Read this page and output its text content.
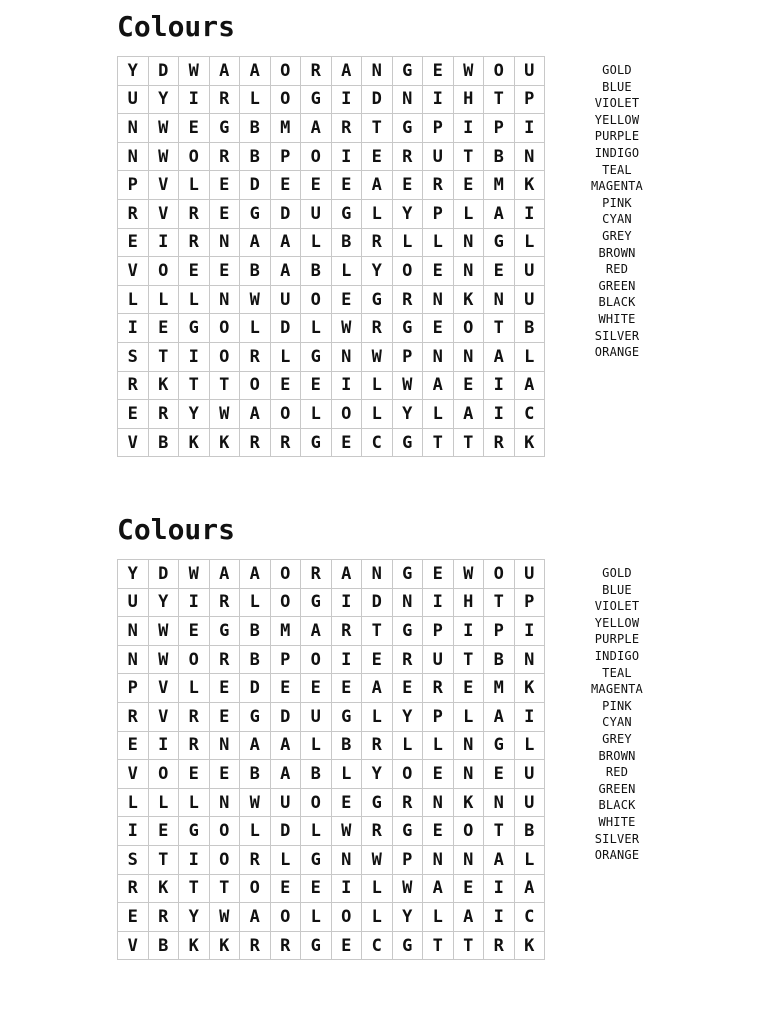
Colours
Y	D	W	A	A	O	R	A	N	G	E	W	O	U
U	Y	I	R	L	O	G	I	D	N	I	H	T	P
N	W	E	G	B	M	A	R	T	G	P	I	P	I
N	W	O	R	B	P	O	I	E	R	U	T	B	N
P	V	L	E	D	E	E	E	A	E	R	E	M	K
R	V	R	E	G	D	U	G	L	Y	P	L	A	I
E	I	R	N	A	A	L	B	R	L	L	N	G	L
V	O	E	E	B	A	B	L	Y	O	E	N	E	U
L	L	L	N	W	U	O	E	G	R	N	K	N	U
I	E	G	O	L	D	L	W	R	G	E	O	T	B
S	T	I	O	R	L	G	N	W	P	N	N	A	L
R	K	T	T	O	E	E	I	L	W	A	E	I	A
E	R	Y	W	A	O	L	O	L	Y	L	A	I	C
V	B	K	K	R	R	G	E	C	G	T	T	R	K
GOLD
BLUE
VIOLET
YELLOW
PURPLE
INDIGO
TEAL
MAGENTA
PINK
CYAN
GREY
BROWN
RED
GREEN
BLACK
WHITE
SILVER
ORANGE
Colours
Y	D	W	A	A	O	R	A	N	G	E	W	O	U
U	Y	I	R	L	O	G	I	D	N	I	H	T	P
N	W	E	G	B	M	A	R	T	G	P	I	P	I
N	W	O	R	B	P	O	I	E	R	U	T	B	N
P	V	L	E	D	E	E	E	A	E	R	E	M	K
R	V	R	E	G	D	U	G	L	Y	P	L	A	I
E	I	R	N	A	A	L	B	R	L	L	N	G	L
V	O	E	E	B	A	B	L	Y	O	E	N	E	U
L	L	L	N	W	U	O	E	G	R	N	K	N	U
I	E	G	O	L	D	L	W	R	G	E	O	T	B
S	T	I	O	R	L	G	N	W	P	N	N	A	L
R	K	T	T	O	E	E	I	L	W	A	E	I	A
E	R	Y	W	A	O	L	O	L	Y	L	A	I	C
V	B	K	K	R	R	G	E	C	G	T	T	R	K
GOLD
BLUE
VIOLET
YELLOW
PURPLE
INDIGO
TEAL
MAGENTA
PINK
CYAN
GREY
BROWN
RED
GREEN
BLACK
WHITE
SILVER
ORANGE
